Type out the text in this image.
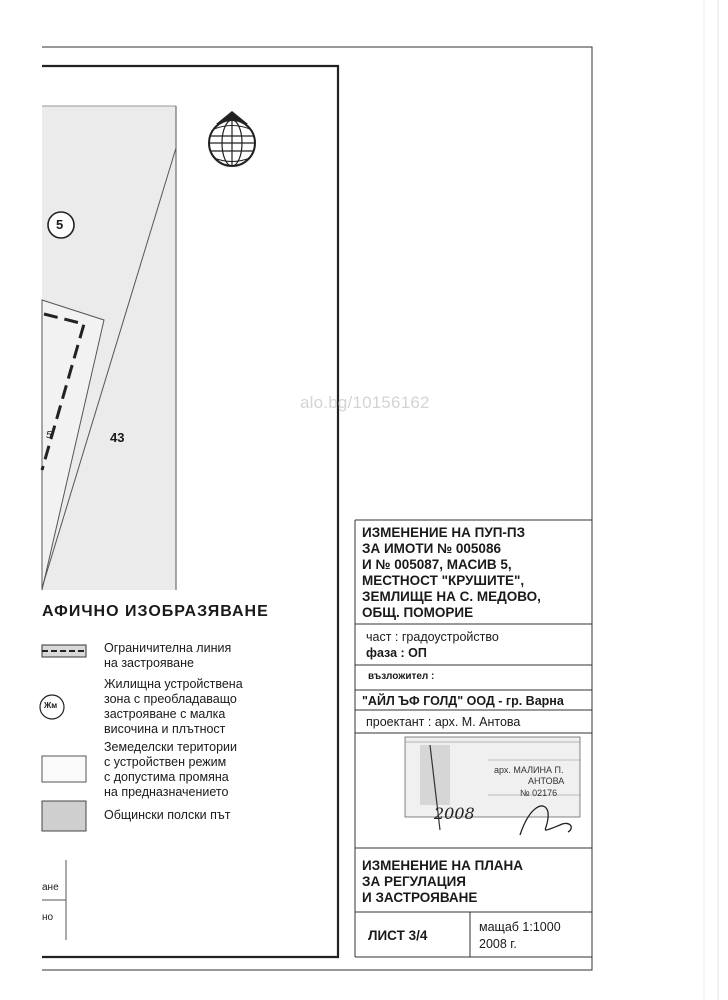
alo.bg/10156162
5
43
5
АФИЧНО ИЗОБРАЗЯВАНЕ
Ограничителна линия
на застрояване
Жм
Жилищна устройствена
зона с преобладаващо
застрояване с малка
височина и плътност
Земеделски територии
с устройствен режим
с допустима промяна
на предназначението
Общински полски път
ане
но
ИЗМЕНЕНИЕ НА ПУП-ПЗ
ЗА ИМОТИ № 005086
И № 005087, МАСИВ 5,
МЕСТНОСТ "КРУШИТЕ",
ЗЕМЛИЩЕ НА С. МЕДОВО,
ОБЩ. ПОМОРИЕ
част : градоустройство
фаза : ОП
възложител :
"АЙЛ ЪФ ГОЛД" ООД - гр. Варна
проектант : арх. М. Антова
арх. МАЛИНА П.
АНТОВА
№ 02176
2008
ИЗМЕНЕНИЕ НА ПЛАНА
ЗА РЕГУЛАЦИЯ
И ЗАСТРОЯВАНЕ
ЛИСТ 3/4
мащаб 1:1000
2008 г.
